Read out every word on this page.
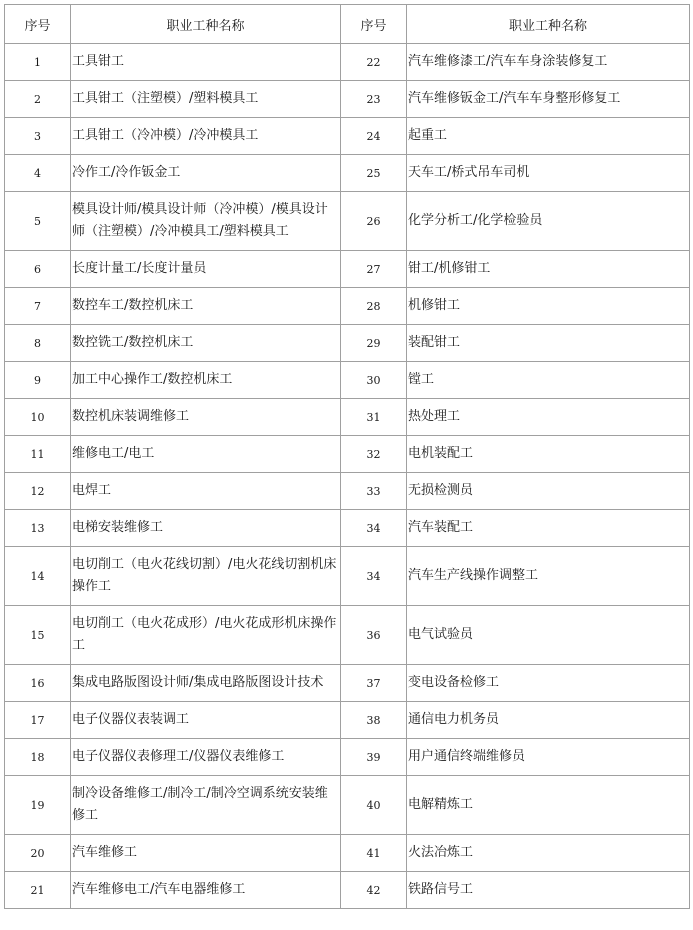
序号	职业工种名称	序号	职业工种名称
1	工具钳工	22	汽车维修漆工/汽车车身涂装修复工
2	工具钳工（注塑模）/塑料模具工	23	汽车维修钣金工/汽车车身整形修复工
3	工具钳工（冷冲模）/冷冲模具工	24	起重工
4	冷作工/冷作钣金工	25	天车工/桥式吊车司机
5	模具设计师/模具设计师（冷冲模）/模具设计师（注塑模）/冷冲模具工/塑料模具工	26	化学分析工/化学检验员
6	长度计量工/长度计量员	27	钳工/机修钳工
7	数控车工/数控机床工	28	机修钳工
8	数控铣工/数控机床工	29	装配钳工
9	加工中心操作工/数控机床工	30	镗工
10	数控机床装调维修工	31	热处理工
11	维修电工/电工	32	电机装配工
12	电焊工	33	无损检测员
13	电梯安装维修工	34	汽车装配工
14	电切削工（电火花线切割）/电火花线切割机床操作工	34	汽车生产线操作调整工
15	电切削工（电火花成形）/电火花成形机床操作工	36	电气试验员
16	集成电路版图设计师/集成电路版图设计技术	37	变电设备检修工
17	电子仪器仪表装调工	38	通信电力机务员
18	电子仪器仪表修理工/仪器仪表维修工	39	用户通信终端维修员
19	制冷设备维修工/制冷工/制冷空调系统安装维修工	40	电解精炼工
20	汽车维修工	41	火法冶炼工
21	汽车维修电工/汽车电器维修工	42	铁路信号工
